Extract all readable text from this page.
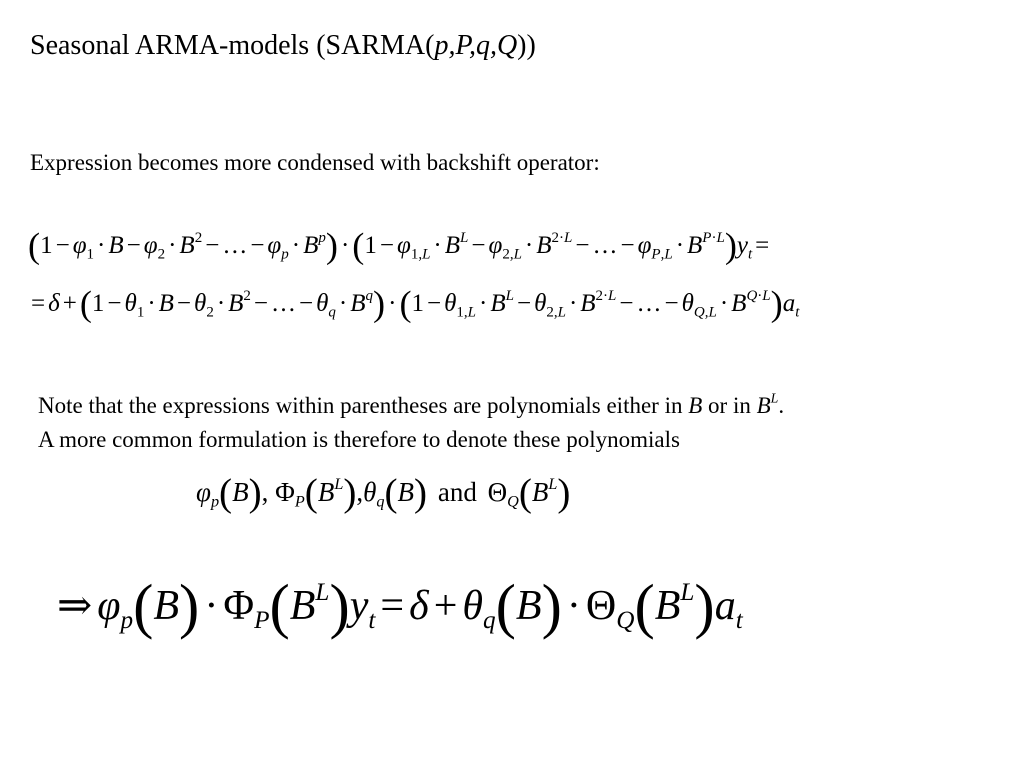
Seasonal ARMA-models (SARMA(p,P,q,Q))
Expression becomes more condensed with backshift operator:
($1 - \varphi_1 \cdot B - \varphi_2 \cdot B^2$ − … − $\varphi_p \cdot B^p) \cdot(1 - \varphi_{1,L} \cdot B^L - \varphi_{2,L} \cdot B^{2\cdot L}$ − … − $\varphi_{P,L} \cdot B^{P\cdot L})y_t$ =
= $\delta +(1 - \theta_1 \cdot B - \theta_2 \cdot B^2$ − … − $\theta_q \cdot B^q) \cdot(1 - \theta_{1,L} \cdot B^L - \theta_{2,L} \cdot B^{2\cdot L}$ − … − $\theta_{Q,L} \cdot B^{Q\cdot L})a_t$
Note that the expressions within parentheses are polynomials either in B or in $B^L$.
A more common formulation is therefore to denote these polynomials
$\varphi_p(B)$, $\Phi_P(B^L),\theta_q(B)$ and $\Theta_Q(B^L)$
⇒ $\varphi_p(B) \cdot \Phi_P(B^L)y_t = \delta + \theta_q(B) \cdot \Theta_Q(B^L)a_t$
